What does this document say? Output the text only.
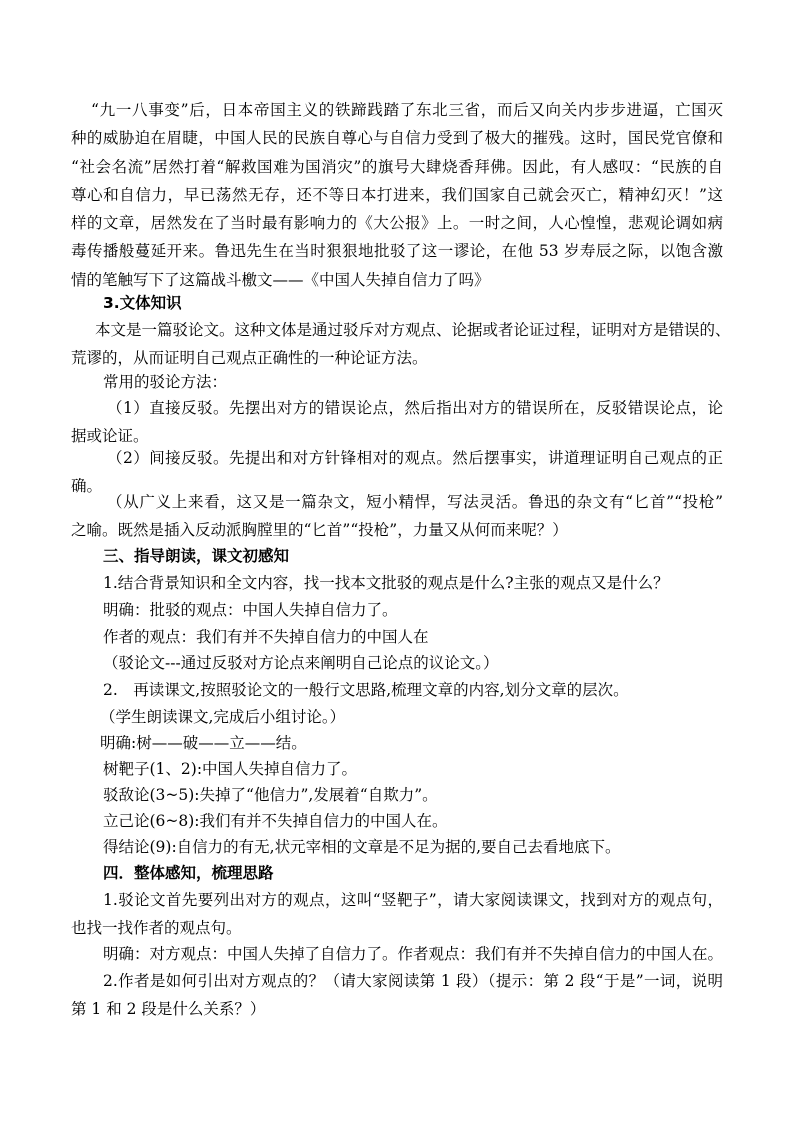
“九一八事变”后，日本帝国主义的铁蹄践踏了东北三省，而后又向关内步步进逼，亡国灭
种的威胁迫在眉睫，中国人民的民族自尊心与自信力受到了极大的摧残。这时，国民党官僚和
“社会名流”居然打着“解救国难为国消灾”的旗号大肆烧香拜佛。因此，有人感叹：“民族的自
尊心和自信力，早已荡然无存，还不等日本打进来，我们国家自己就会灭亡，精神幻灭！”这
样的文章，居然发在了当时最有影响力的《大公报》上。一时之间，人心惶惶，悲观论调如病
毒传播般蔓延开来。鲁迅先生在当时狠狠地批驳了这一谬论，在他 53 岁寿辰之际，以饱含激
情的笔触写下了这篇战斗檄文——《中国人失掉自信力了吗》
3.文体知识
本文是一篇驳论文。这种文体是通过驳斥对方观点、论据或者论证过程，证明对方是错误的、
荒谬的，从而证明自己观点正确性的一种论证方法。
常用的驳论方法：
（1）直接反驳。先摆出对方的错误论点，然后指出对方的错误所在，反驳错误论点，论
据或论证。
（2）间接反驳。先提出和对方针锋相对的观点。然后摆事实，讲道理证明自己观点的正
确。
（从广义上来看，这又是一篇杂文，短小精悍，写法灵活。鲁迅的杂文有“匕首”“投枪”
之喻。既然是插入反动派胸膛里的“匕首”“投枪”，力量又从何而来呢？）
三、指导朗读，课文初感知
1.结合背景知识和全文内容，找一找本文批驳的观点是什么?主张的观点又是什么？
明确：批驳的观点：中国人失掉自信力了。
作者的观点：我们有并不失掉自信力的中国人在
（驳论文---通过反驳对方论点来阐明自己论点的议论文。）
2.　再读课文,按照驳论文的一般行文思路,梳理文章的内容,划分文章的层次。
（学生朗读课文,完成后小组讨论。）
明确:树——破——立——结。
树靶子(1、2):中国人失掉自信力了。
驳敌论(3~5):失掉了“他信力”,发展着“自欺力”。
立己论(6~8):我们有并不失掉自信力的中国人在。
得结论(9):自信力的有无,状元宰相的文章是不足为据的,要自己去看地底下。
四．整体感知，梳理思路
1.驳论文首先要列出对方的观点，这叫“竖靶子”，请大家阅读课文，找到对方的观点句，
也找一找作者的观点句。
明确：对方观点：中国人失掉了自信力了。作者观点：我们有并不失掉自信力的中国人在。
2.作者是如何引出对方观点的？（请大家阅读第 1 段）（提示：第 2 段“于是”一词，说明
第 1 和 2 段是什么关系？）
